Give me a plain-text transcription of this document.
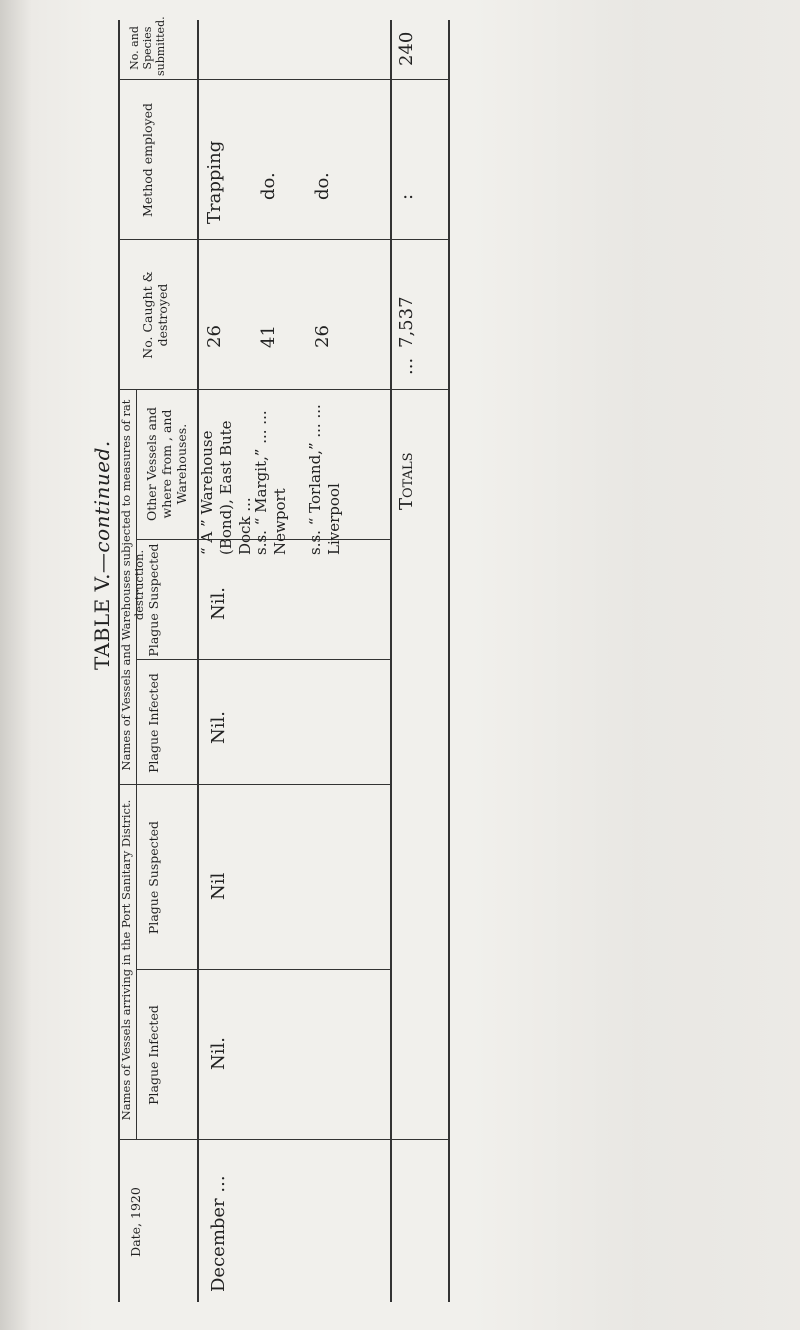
TABLE V.—continued.
Date, 1920
Names of Vessels arriving in the Port Sanitary District. Plague Infected
Plague Suspected
Names of Vessels and Warehouses subjected to measures of rat destruction.
Plague Infected
Plague Suspected
Other Vessels and where from , and Warehouses.
No. Caught & destroyed
Method employed
No. and Species submitted.
December ...
Nil.
Nil
Nil.
Nil.
“ A ” Warehouse (Bond), East Bute Dock ...
s.s. “ Margit,” ... ... Newport s.s. “ Torland,” ... ... Liverpool
26 41 26
Trapping do. do.
Totals
...
7,537
:
240
